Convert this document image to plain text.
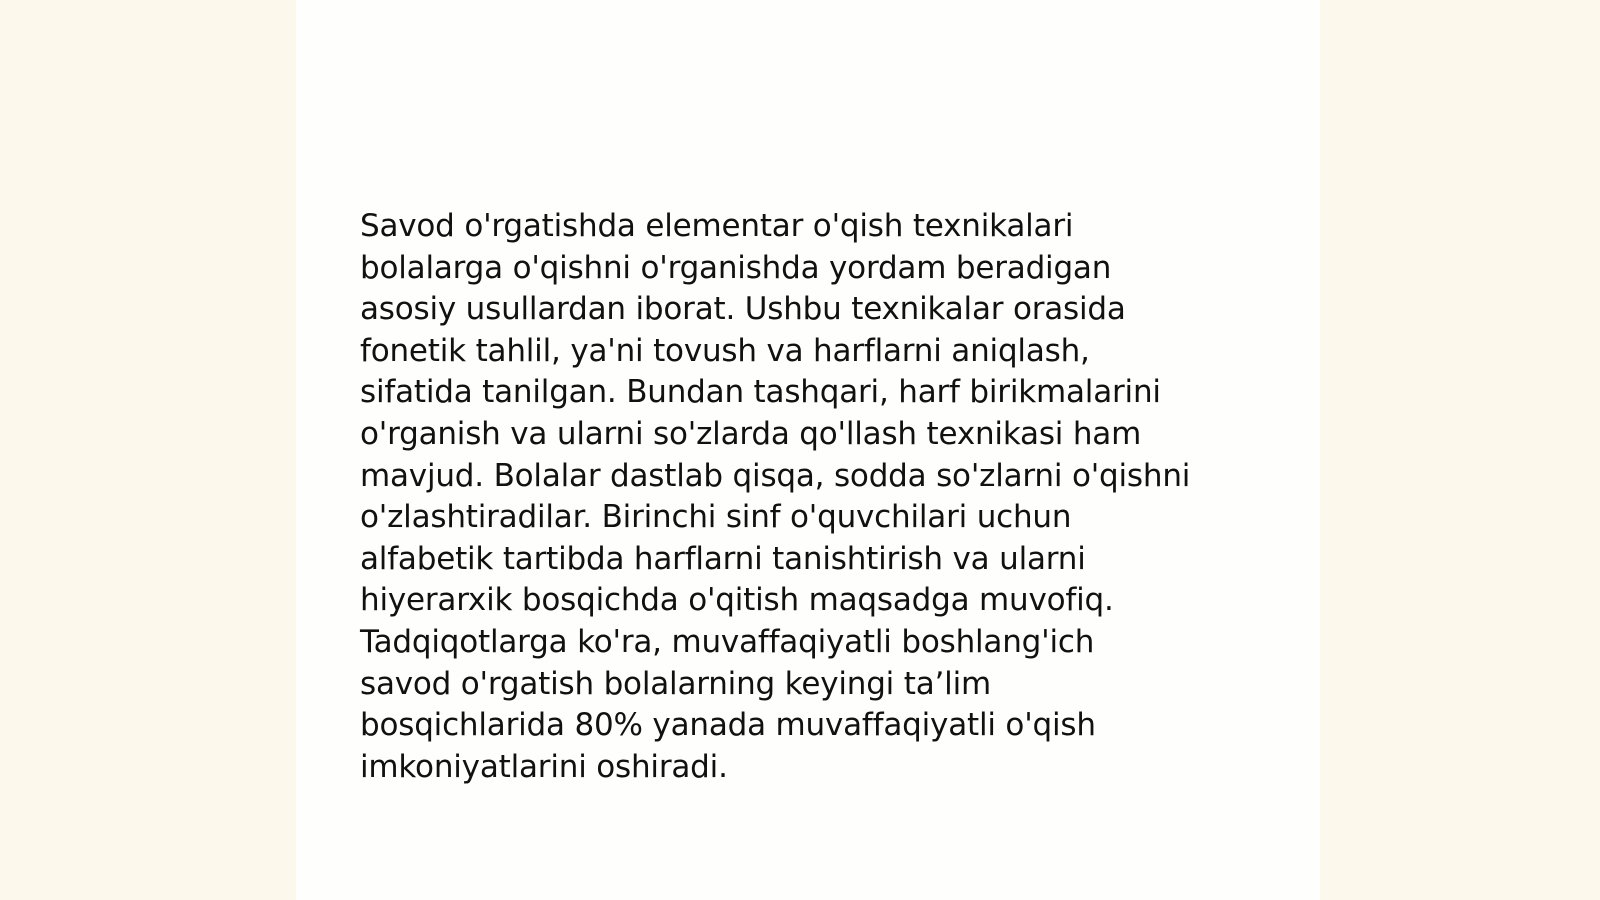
Savod o'rgatishda elementar o'qish texnikalari
bolalarga o'qishni o'rganishda yordam beradigan
asosiy usullardan iborat. Ushbu texnikalar orasida
fonetik tahlil, ya'ni tovush va harflarni aniqlash,
sifatida tanilgan. Bundan tashqari, harf birikmalarini
o'rganish va ularni so'zlarda qo'llash texnikasi ham
mavjud. Bolalar dastlab qisqa, sodda so'zlarni o'qishni
o'zlashtiradilar. Birinchi sinf o'quvchilari uchun
alfabetik tartibda harflarni tanishtirish va ularni
hiyerarxik bosqichda o'qitish maqsadga muvofiq.
Tadqiqotlarga ko'ra, muvaffaqiyatli boshlang'ich
savod o'rgatish bolalarning keyingi ta’lim
bosqichlarida 80% yanada muvaffaqiyatli o'qish
imkoniyatlarini oshiradi.
